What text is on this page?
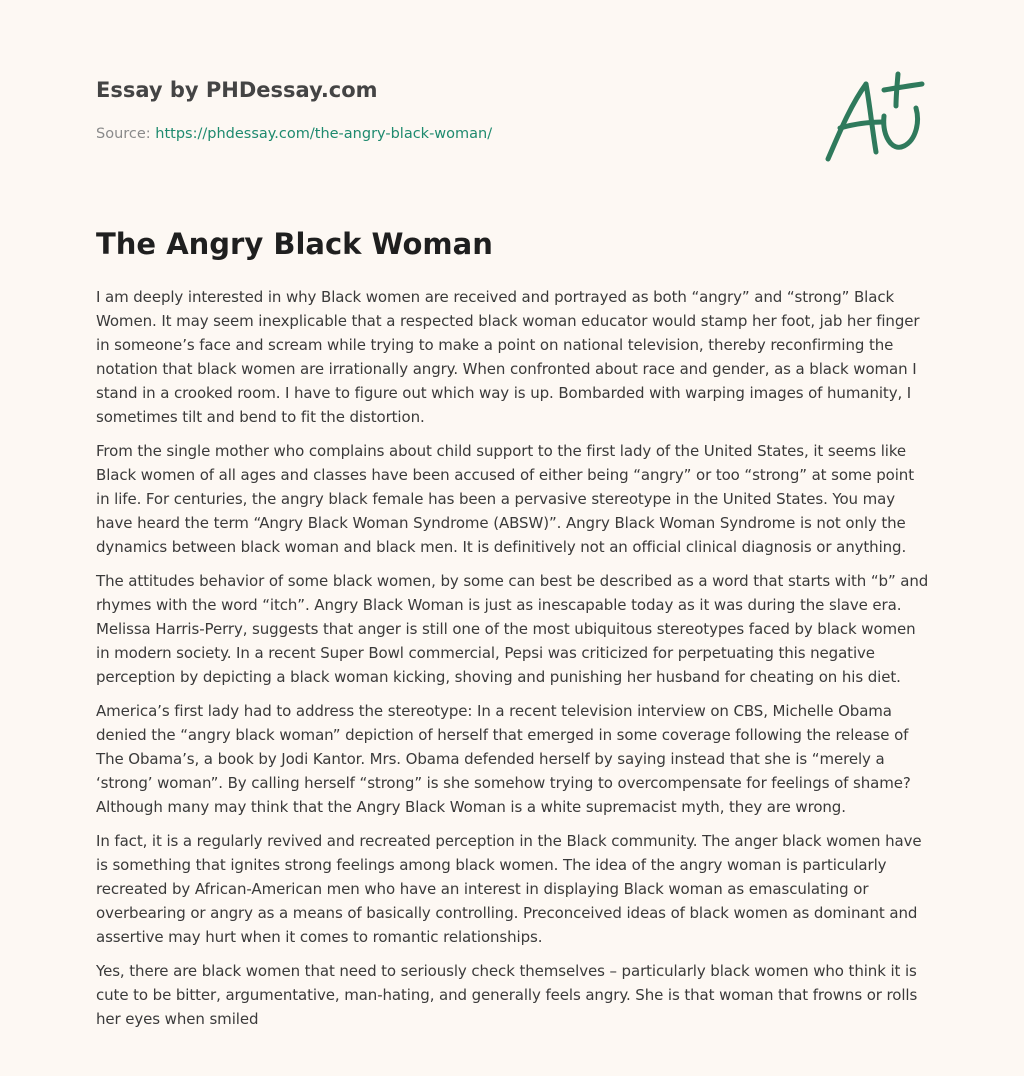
Essay by PHDessay.com
Source: https://phdessay.com/the-angry-black-woman/
The Angry Black Woman

I am deeply interested in why Black women are received and portrayed as both “angry” and “strong” Black Women. It may seem inexplicable that a respected black woman educator would stamp her foot, jab her finger in someone’s face and scream while trying to make a point on national television, thereby reconfirming the notation that black women are irrationally angry. When confronted about race and gender, as a black woman I stand in a crooked room. I have to figure out which way is up. Bombarded with warping images of humanity, I sometimes tilt and bend to fit the distortion.

From the single mother who complains about child support to the first lady of the United States, it seems like Black women of all ages and classes have been accused of either being “angry” or too “strong” at some point in life. For centuries, the angry black female has been a pervasive stereotype in the United States. You may have heard the term “Angry Black Woman Syndrome (ABSW)”. Angry Black Woman Syndrome is not only the dynamics between black woman and black men. It is definitively not an official clinical diagnosis or anything.

The attitudes behavior of some black women, by some can best be described as a word that starts with “b” and rhymes with the word “itch”. Angry Black Woman is just as inescapable today as it was during the slave era. Melissa Harris-Perry, suggests that anger is still one of the most ubiquitous stereotypes faced by black women in modern society. In a recent Super Bowl commercial, Pepsi was criticized for perpetuating this negative perception by depicting a black woman kicking, shoving and punishing her husband for cheating on his diet.

America’s first lady had to address the stereotype: In a recent television interview on CBS, Michelle Obama denied the “angry black woman” depiction of herself that emerged in some coverage following the release of The Obama’s, a book by Jodi Kantor. Mrs. Obama defended herself by saying instead that she is “merely a ‘strong’ woman”. By calling herself “strong” is she somehow trying to overcompensate for feelings of shame? Although many may think that the Angry Black Woman is a white supremacist myth, they are wrong.

In fact, it is a regularly revived and recreated perception in the Black community. The anger black women have is something that ignites strong feelings among black women. The idea of the angry woman is particularly recreated by African-American men who have an interest in displaying Black woman as emasculating or overbearing or angry as a means of basically controlling. Preconceived ideas of black women as dominant and assertive may hurt when it comes to romantic relationships.

Yes, there are black women that need to seriously check themselves – particularly black women who think it is cute to be bitter, argumentative, man-hating, and generally feels angry. She is that woman that frowns or rolls her eyes when smiled
